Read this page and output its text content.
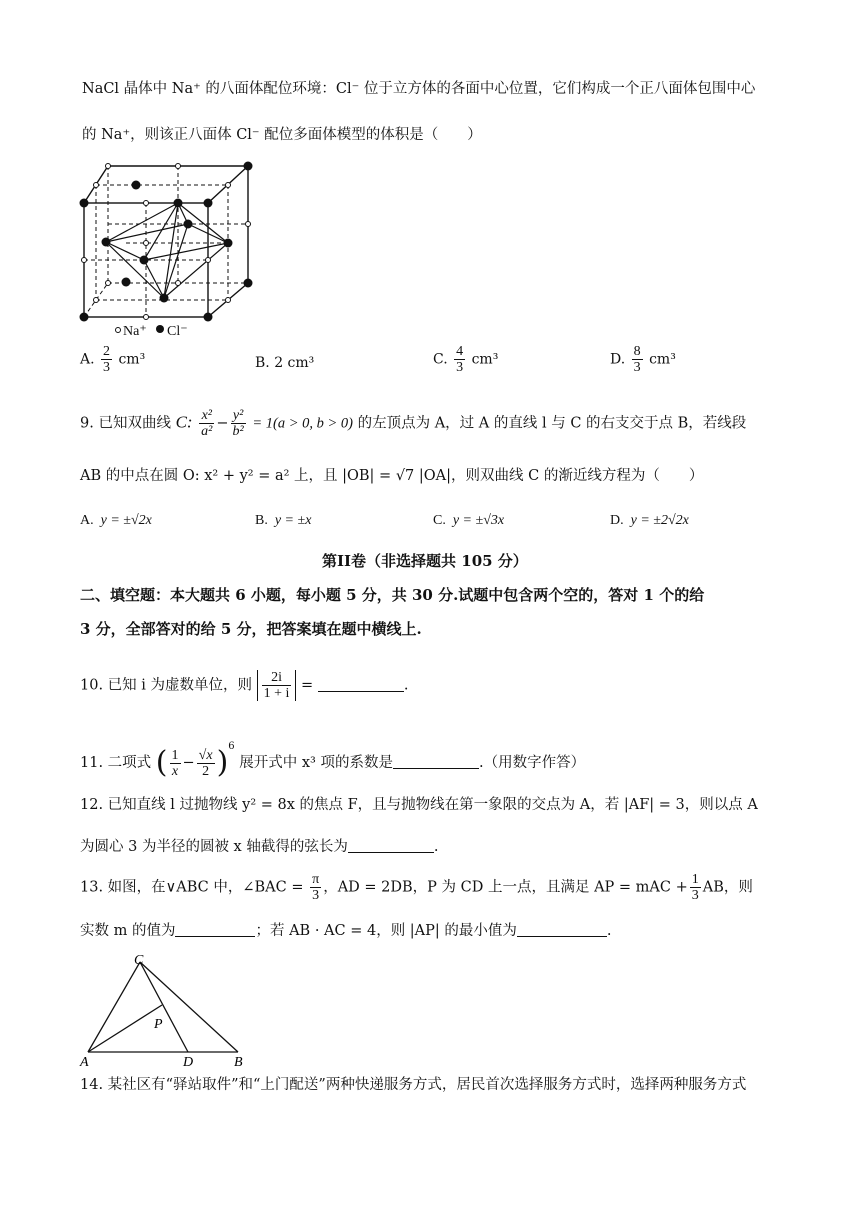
NaCl 晶体中 Na⁺ 的八面体配位环境：Cl⁻ 位于立方体的各面中心位置，它们构成一个正八面体包围中心
的 Na⁺，则该正八面体 Cl⁻ 配位多面体模型的体积是（　　）
Na⁺ Cl⁻
A. $\frac{2}{3} cm^3$	B. 2 cm³	C. $\frac{4}{3} cm^3$	D. $\frac{8}{3} cm^3$
9. 已知双曲线 C: $\frac{\text{x²}}{\text{a²}} - \frac{\text{y²}}{\text{b²}} = 1(a > 0$, b > 0) 的左顶点为 A，过 A 的直线 l 与 C 的右支交于点 B，若线段
AB 的中点在圆 O: x² + y² = a² 上，且 |OB| = √7 |OA|，则双曲线 C 的渐近线方程为（　　）
A. y = ±√2x	B. y = ±x	C. y = ±√3x	D. y = ±2√2x
第II卷（非选择题共 105 分）
二、填空题：本大题共 6 小题，每小题 5 分，共 30 分.试题中包含两个空的，答对 1 个的给
3 分，全部答对的给 5 分，把答案填在题中横线上.
10. 已知 i 为虚数单位，则 $\frac{2i}{1 + i}$ =	.
11. 二项式 ( $\frac{1}{x} - \frac{√x}{2} )^6$ 展开式中 x³ 项的系数是	.（用数字作答）
12. 已知直线 l 过抛物线 y² = 8x 的焦点 F，且与抛物线在第一象限的交点为 A，若 |AF| = 3，则以点 A
为圆心 3 为半径的圆被 x 轴截得的弦长为	.
13. 如图，在∨ABC 中，∠BAC = $\frac{\pi}{3}$ ，AD = 2DB，P 为 CD 上一点，且满足 AP = mAC + $\frac{1}{3}$ AB，则
实数 m 的值为	；若 AB · AC = 4，则 |AP| 的最小值为	.
C
P
A	D	B
14. 某社区有“驿站取件”和“上门配送”两种快递服务方式，居民首次选择服务方式时，选择两种服务方式
